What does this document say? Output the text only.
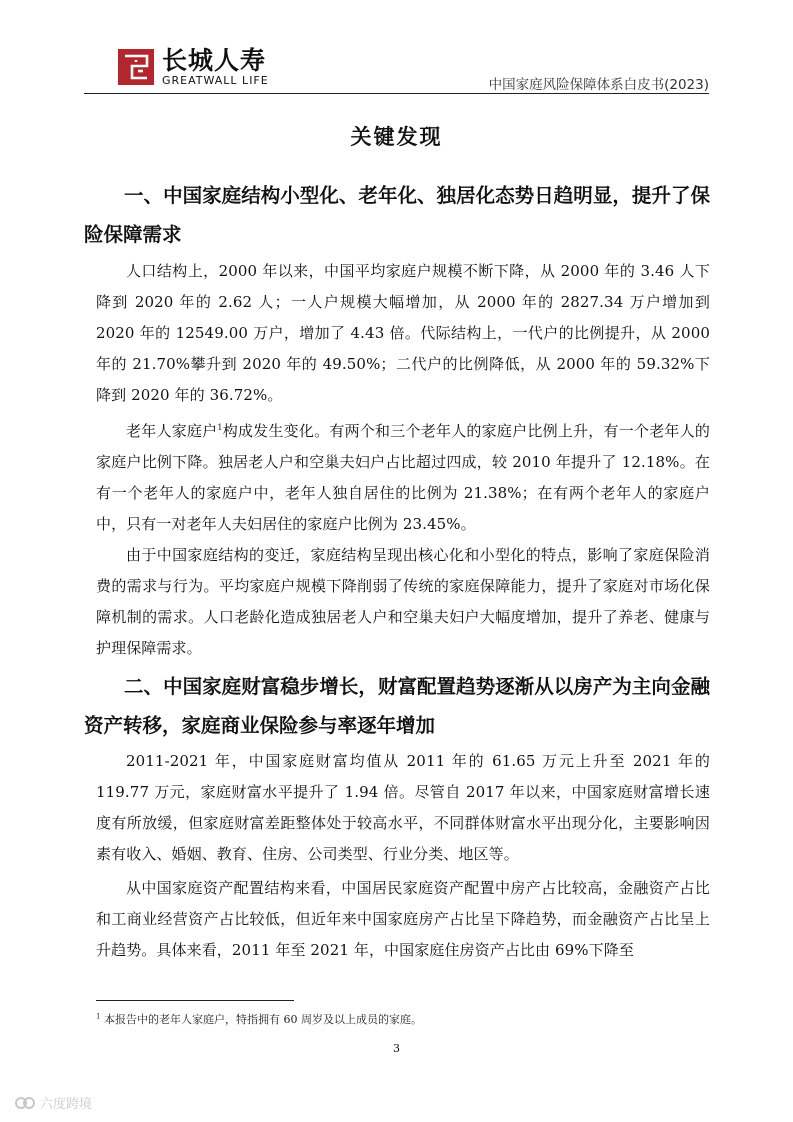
长城人寿
GREATWALL LIFE	中国家庭风险保障体系白皮书(2023)
关键发现
一、中国家庭结构小型化、老年化、独居化态势日趋明显，提升了保险保障需求

人口结构上，2000 年以来，中国平均家庭户规模不断下降，从 2000 年的 3.46 人下降到 2020 年的 2.62 人；一人户规模大幅增加，从 2000 年的 2827.34 万户增加到 2020 年的 12549.00 万户，增加了 4.43 倍。代际结构上，一代户的比例提升，从 2000 年的 21.70%攀升到 2020 年的 49.50%；二代户的比例降低，从 2000 年的 59.32%下降到 2020 年的 36.72%。

老年人家庭户$^1$构成发生变化。有两个和三个老年人的家庭户比例上升，有一个老年人的家庭户比例下降。独居老人户和空巢夫妇户占比超过四成，较 2010 年提升了 12.18%。在有一个老年人的家庭户中，老年人独自居住的比例为 21.38%；在有两个老年人的家庭户中，只有一对老年人夫妇居住的家庭户比例为 23.45%。

由于中国家庭结构的变迁，家庭结构呈现出核心化和小型化的特点，影响了家庭保险消费的需求与行为。平均家庭户规模下降削弱了传统的家庭保障能力，提升了家庭对市场化保障机制的需求。人口老龄化造成独居老人户和空巢夫妇户大幅度增加，提升了养老、健康与护理保障需求。

二、中国家庭财富稳步增长，财富配置趋势逐渐从以房产为主向金融资产转移，家庭商业保险参与率逐年增加

2011-2021 年，中国家庭财富均值从 2011 年的 61.65 万元上升至 2021 年的 119.77 万元，家庭财富水平提升了 1.94 倍。尽管自 2017 年以来，中国家庭财富增长速度有所放缓，但家庭财富差距整体处于较高水平，不同群体财富水平出现分化，主要影响因素有收入、婚姻、教育、住房、公司类型、行业分类、地区等。

从中国家庭资产配置结构来看，中国居民家庭资产配置中房产占比较高，金融资产占比和工商业经营资产占比较低，但近年来中国家庭房产占比呈下降趋势，而金融资产占比呈上升趋势。具体来看，2011 年至 2021 年，中国家庭住房资产占比由 69%下降至

$^1$ 本报告中的老年人家庭户，特指拥有 60 周岁及以上成员的家庭。
3
六度跨境
